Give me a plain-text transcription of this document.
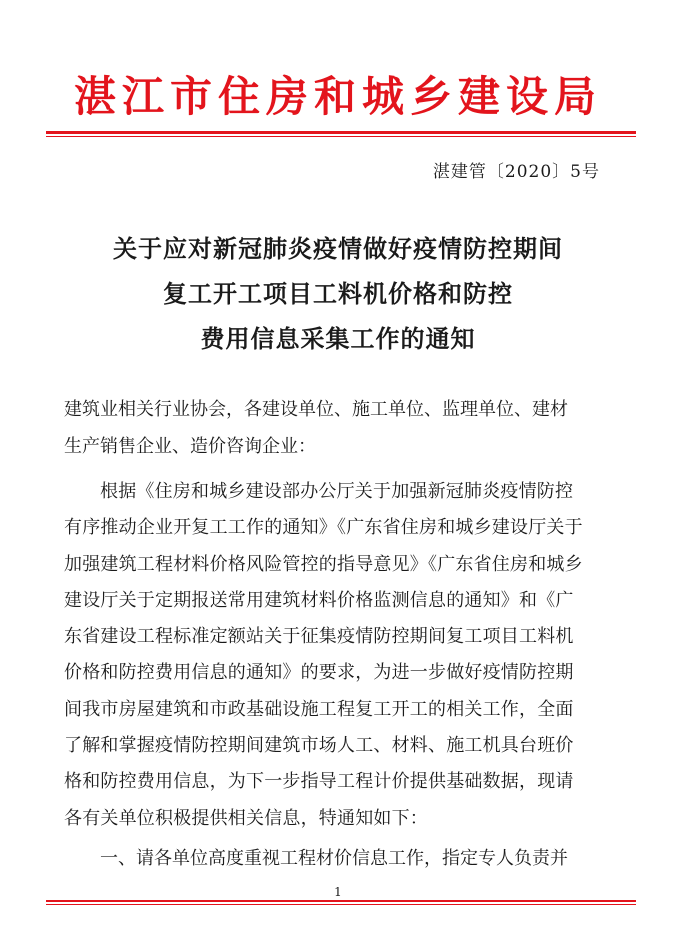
湛江市住房和城乡建设局
湛建管〔2020〕5号
关于应对新冠肺炎疫情做好疫情防控期间
复工开工项目工料机价格和防控
费用信息采集工作的通知
建筑业相关行业协会，各建设单位、施工单位、监理单位、建材
生产销售企业、造价咨询企业：
根据《住房和城乡建设部办公厅关于加强新冠肺炎疫情防控
有序推动企业开复工工作的通知》《广东省住房和城乡建设厅关于
加强建筑工程材料价格风险管控的指导意见》《广东省住房和城乡
建设厅关于定期报送常用建筑材料价格监测信息的通知》和《广
东省建设工程标准定额站关于征集疫情防控期间复工项目工料机
价格和防控费用信息的通知》的要求，为进一步做好疫情防控期
间我市房屋建筑和市政基础设施工程复工开工的相关工作，全面
了解和掌握疫情防控期间建筑市场人工、材料、施工机具台班价
格和防控费用信息，为下一步指导工程计价提供基础数据，现请
各有关单位积极提供相关信息，特通知如下：
一、请各单位高度重视工程材价信息工作，指定专人负责并
1
